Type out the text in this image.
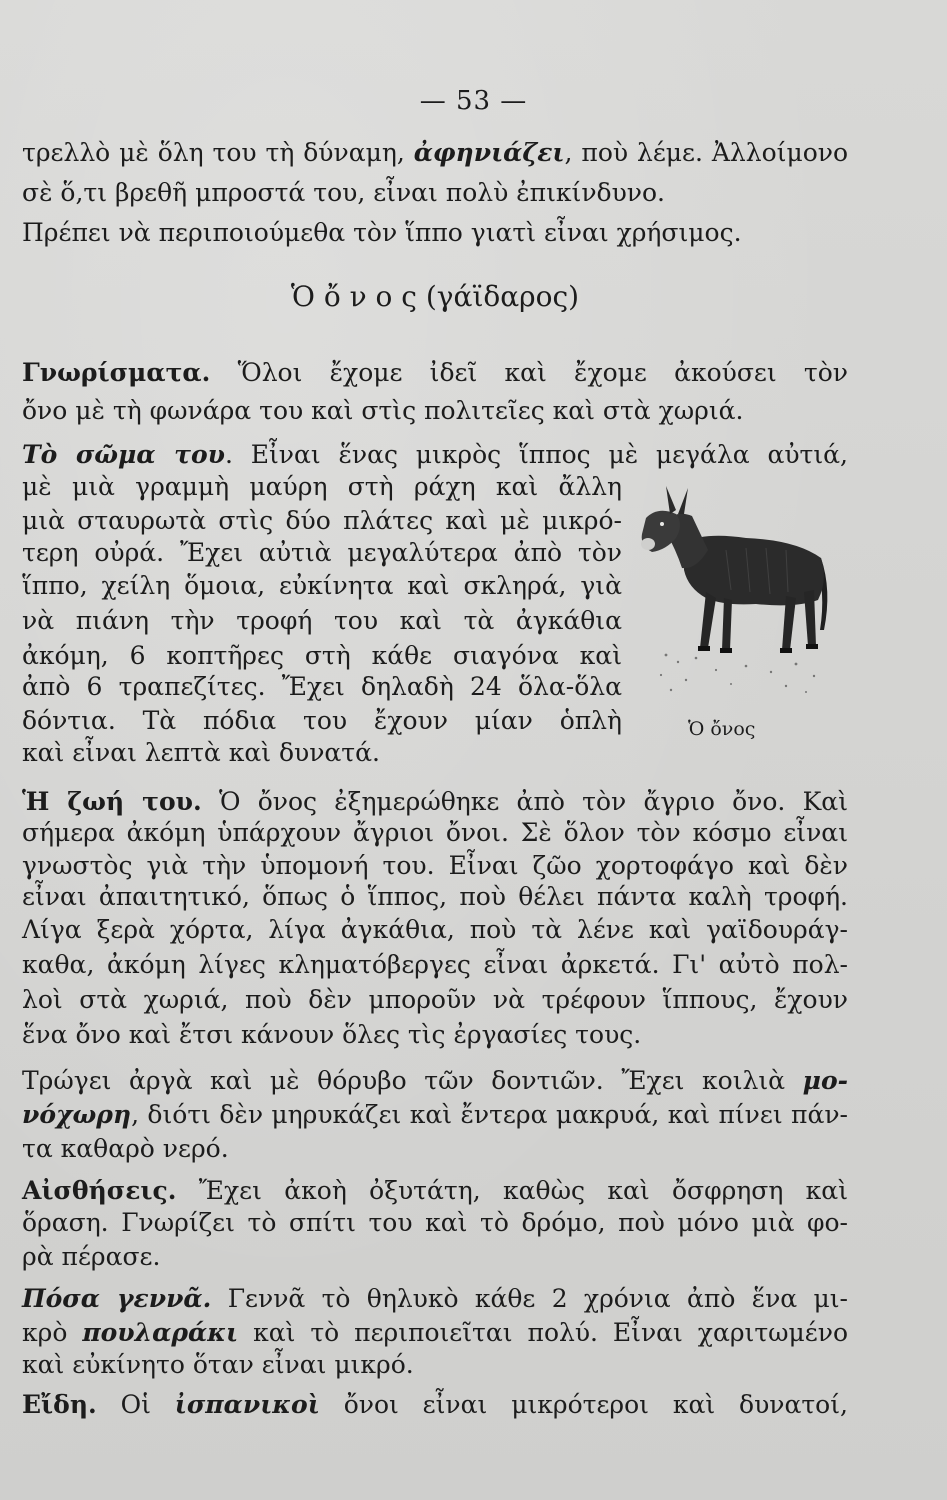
— 53 —
τρελλὸ μὲ ὅλη του τὴ δύναμη, ἀφηνιάζει, ποὺ λέμε. Ἀλλοίμονο
σὲ ὅ,τι βρεθῆ μπροστά του, εἶναι πολὺ ἐπικίνδυνο.
Πρέπει νὰ περιποιούμεθα τὸν ἵππο γιατὶ εἶναι χρήσιμος.
Ὁ ὄ ν ο ς (γάϊδαρος)
Γνωρίσματα. Ὅλοι ἔχομε ἰδεῖ καὶ ἔχομε ἀκούσει τὸν
ὄνο μὲ τὴ φωνάρα του καὶ στὶς πολιτεῖες καὶ στὰ χωριά.
Τὸ σῶμα του. Εἶναι ἕνας μικρὸς ἵππος μὲ μεγάλα αὐτιά,
μὲ μιὰ γραμμὴ μαύρη στὴ ράχη καὶ ἄλλη
μιὰ σταυρωτὰ στὶς δύο πλάτες καὶ μὲ μικρό-
τερη οὐρά. Ἔχει αὐτιὰ μεγαλύτερα ἀπὸ τὸν
ἵππο, χείλη ὅμοια, εὐκίνητα καὶ σκληρά, γιὰ
νὰ πιάνη τὴν τροφή του καὶ τὰ ἀγκάθια
ἀκόμη, 6 κοπτῆρες στὴ κάθε σιαγόνα καὶ
ἀπὸ 6 τραπεζίτες. Ἔχει δηλαδὴ 24 ὅλα-ὅλα
δόντια. Τὰ πόδια του ἔχουν μίαν ὁπλὴ
καὶ εἶναι λεπτὰ καὶ δυνατά.
Ἡ ζωή του. Ὁ ὄνος ἐξημερώθηκε ἀπὸ τὸν ἄγριο ὄνο. Καὶ
σήμερα ἀκόμη ὑπάρχουν ἄγριοι ὄνοι. Σὲ ὅλον τὸν κόσμο εἶναι
γνωστὸς γιὰ τὴν ὑπομονή του. Εἶναι ζῶο χορτοφάγο καὶ δὲν
εἶναι ἀπαιτητικό, ὅπως ὁ ἵππος, ποὺ θέλει πάντα καλὴ τροφή.
Λίγα ξερὰ χόρτα, λίγα ἀγκάθια, ποὺ τὰ λένε καὶ γαϊδουράγ-
καθα, ἀκόμη λίγες κληματόβεργες εἶναι ἀρκετά. Γι' αὐτὸ πολ-
λοὶ στὰ χωριά, ποὺ δὲν μποροῦν νὰ τρέφουν ἵππους, ἔχουν
ἕνα ὄνο καὶ ἔτσι κάνουν ὅλες τὶς ἐργασίες τους.
Τρώγει ἀργὰ καὶ μὲ θόρυβο τῶν δοντιῶν. Ἔχει κοιλιὰ μο-
νόχωρη, διότι δὲν μηρυκάζει καὶ ἔντερα μακρυά, καὶ πίνει πάν-
τα καθαρὸ νερό.
Αἰσθήσεις. Ἔχει ἀκοὴ ὀξυτάτη, καθὼς καὶ ὄσφρηση καὶ
ὅραση. Γνωρίζει τὸ σπίτι του καὶ τὸ δρόμο, ποὺ μόνο μιὰ φο-
ρὰ πέρασε.
Πόσα γεννᾶ. Γεννᾶ τὸ θηλυκὸ κάθε 2 χρόνια ἀπὸ ἕνα μι-
κρὸ πουλαράκι καὶ τὸ περιποιεῖται πολύ. Εἶναι χαριτωμένο
καὶ εὐκίνητο ὅταν εἶναι μικρό.
Εἴδη. Οἱ ἰσπανικοὶ ὄνοι εἶναι μικρότεροι καὶ δυνατοί,
Ὁ ὄνος
